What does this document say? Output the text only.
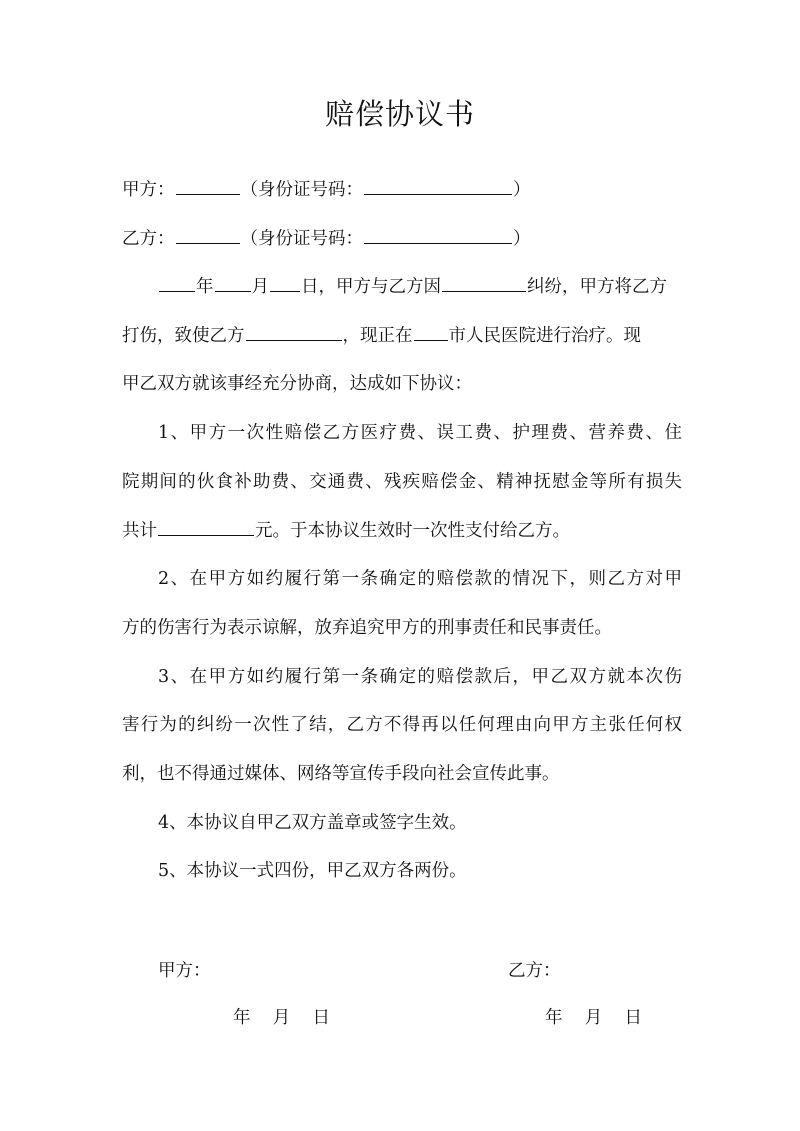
赔偿协议书
甲方：	（身份证号码：	）
乙方：	（身份证号码：	）
年 月 日，甲方与乙方因	纠纷，甲方将乙方
打伤，致使乙方	，现正在 市人民医院进行治疗。现
甲乙双方就该事经充分协商，达成如下协议：
1、甲方一次性赔偿乙方医疗费、误工费、护理费、营养费、住
院期间的伙食补助费、交通费、残疾赔偿金、精神抚慰金等所有损失
共计	元。于本协议生效时一次性支付给乙方。
2、在甲方如约履行第一条确定的赔偿款的情况下，则乙方对甲
方的伤害行为表示谅解，放弃追究甲方的刑事责任和民事责任。
3、在甲方如约履行第一条确定的赔偿款后，甲乙双方就本次伤
害行为的纠纷一次性了结，乙方不得再以任何理由向甲方主张任何权
利，也不得通过媒体、网络等宣传手段向社会宣传此事。
4、本协议自甲乙双方盖章或签字生效。
5、本协议一式四份，甲乙双方各两份。
甲方：	乙方：
年    月    日	年    月    日
